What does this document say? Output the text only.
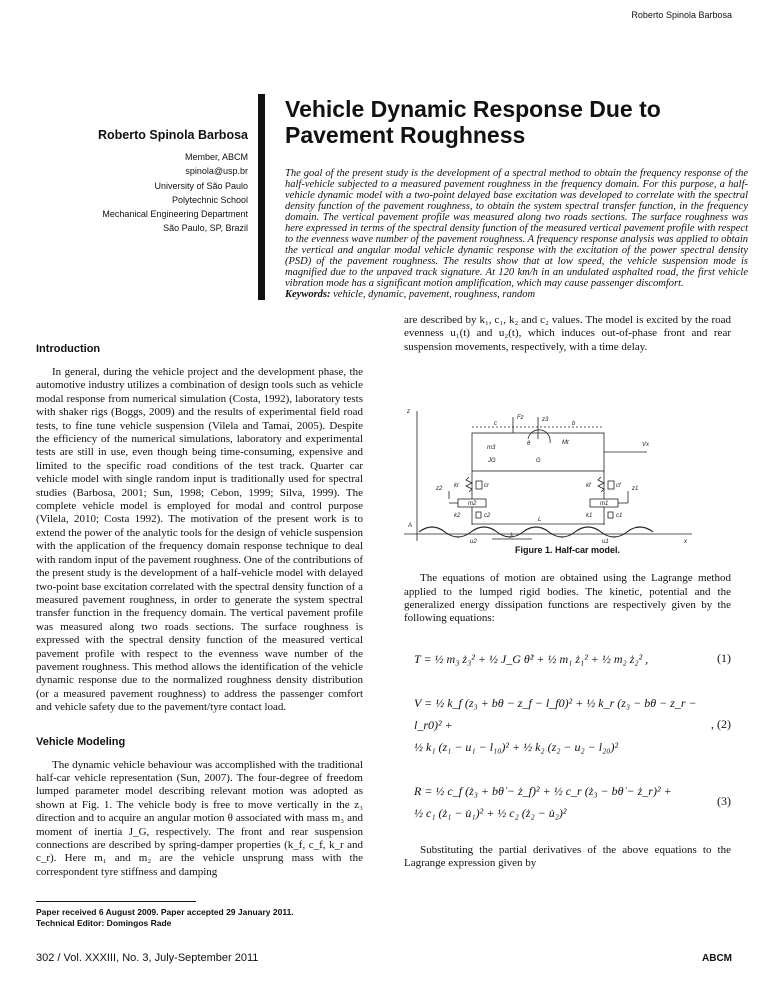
Roberto Spinola Barbosa
Roberto Spinola Barbosa
Member, ABCM
spinola@usp.br
University of São Paulo
Polytechnic School
Mechanical Engineering Department
São Paulo, SP, Brazil
Vehicle Dynamic Response Due to Pavement Roughness
The goal of the present study is the development of a spectral method to obtain the frequency response of the half-vehicle subjected to a measured pavement roughness in the frequency domain. For this purpose, a half-vehicle dynamic model with a two-point delayed base excitation was developed to correlate with the spectral density function of the pavement roughness, to obtain the system spectral transfer function, in the frequency domain. The vertical pavement profile was measured along two roads sections. The surface roughness was here expressed in terms of the spectral density function of the measured vertical pavement profile with respect to the evenness wave number of the pavement roughness. A frequency response analysis was applied to obtain the vertical and angular modal vehicle dynamic response with the excitation of the power spectral density (PSD) of the pavement roughness. The results show that at low speed, the vehicle suspension mode is magnified due to the unpaved track signature. At 120 km/h in an undulated asphalted road, the first vehicle vibration mode has a significant motion amplification, which may cause passenger discomfort.
Keywords: vehicle, dynamic, pavement, roughness, random
Introduction

In general, during the vehicle project and the development phase, the automotive industry utilizes a combination of design tools such as vehicle modal response from numerical simulation (Costa, 1992), laboratory tests with shaker rigs (Boggs, 2009) and the results of experimental field road tests, to fine tune vehicle suspension (Vilela and Tamai, 2005). Despite the efficiency of the numerical simulations, laboratory and experimental tests are still in use, even though being time-consuming, expensive and limited to the specific road conditions of the test track. Quarter car vehicle model with single random input is traditionally used for spectral studies (Barbosa, 2001; Sun, 1998; Cebon, 1999; Silva, 1999). The complete vehicle model is employed for modal and control purpose (Vilela, 2010; Costa 1992). The motivation of the present work is to extend the power of the analytic tools for the design of vehicle suspension with the application of the frequency domain response technique to deal with random input of the pavement roughness. One of the contributions of the present study is the development of a half-vehicle model with delayed two-point base excitation correlated with the spectral density function of a measured pavement roughness, in order to generate the system spectral transfer function in the frequency domain. The vertical pavement profile was measured along two roads sections. The surface roughness is expressed with the spectral density function of the measured vertical pavement profile with respect to the evenness wave number of the pavement roughness. This method allows the identification of the vehicle dynamic response due to the normalized roughness density distribution (or a measured pavement roughness) to address the passenger comfort and vehicle safety due to the pavement/tyre contact load.

Vehicle Modeling

The dynamic vehicle behaviour was accomplished with the traditional half-car vehicle representation (Sun, 2007). The four-degree of freedom lumped parameter model describing relevant motion was adopted as shown at Fig. 1. The vehicle body is free to move vertically in the z₃ direction and to acquire an angular motion θ associated with mass m₃ and moment of inertia J_G, respectively. The front and rear suspension connections are described by spring-damper properties (k_f, c_f, k_r and c_r). Here m₁ and m₂ are the vehicle unsprung mass with the correspondent tyre stiffness and damping

Paper received 6 August 2009. Paper accepted 29 January 2011.
Technical Editor: Domingos Rade

are described by k₁, c₁, k₂ and c₂ values. The model is excited by the road evenness u₁(t) and u₂(t), which induces out-of-phase front and rear suspension movements, respectively, with a time delay.

z
c
Fz	z3
b
m3
θ	Mt	Vx
JG	G
z2 kr	cr	kf	cf z1
m2	m1
k2	c2
L
k1	c1
A
u2
λ
u1	x
Figure 1. Half-car model.

The equations of motion are obtained using the Lagrange method applied to the lumped rigid bodies. The kinetic, potential and the generalized energy dissipation functions are respectively given by the following equations:

T = ½ m₃ ż₃² + ½ J_G θ̇² + ½ m₁ ż₁² + ½ m₂ ż₂² ,	(1)
V = ½ k_f (z₃ + bθ − z_f − l_f0)² + ½ k_r (z₃ − bθ − z_r − l_r0)² +
½ k₁ (z₁ − u₁ − l₁₀)² + ½ k₂ (z₂ − u₂ − l₂₀)²
, (2)
R = ½ c_f (ż₃ + bθ̇ − ż_f)² + ½ c_r (ż₃ − bθ̇ − ż_r)² +
½ c₁ (ż₁ − u̇₁)² + ½ c₂ (ż₂ − u̇₂)²
(3)

Substituting the partial derivatives of the above equations to the Lagrange expression given by

302 / Vol. XXXIII, No. 3, July-September 2011	ABCM
